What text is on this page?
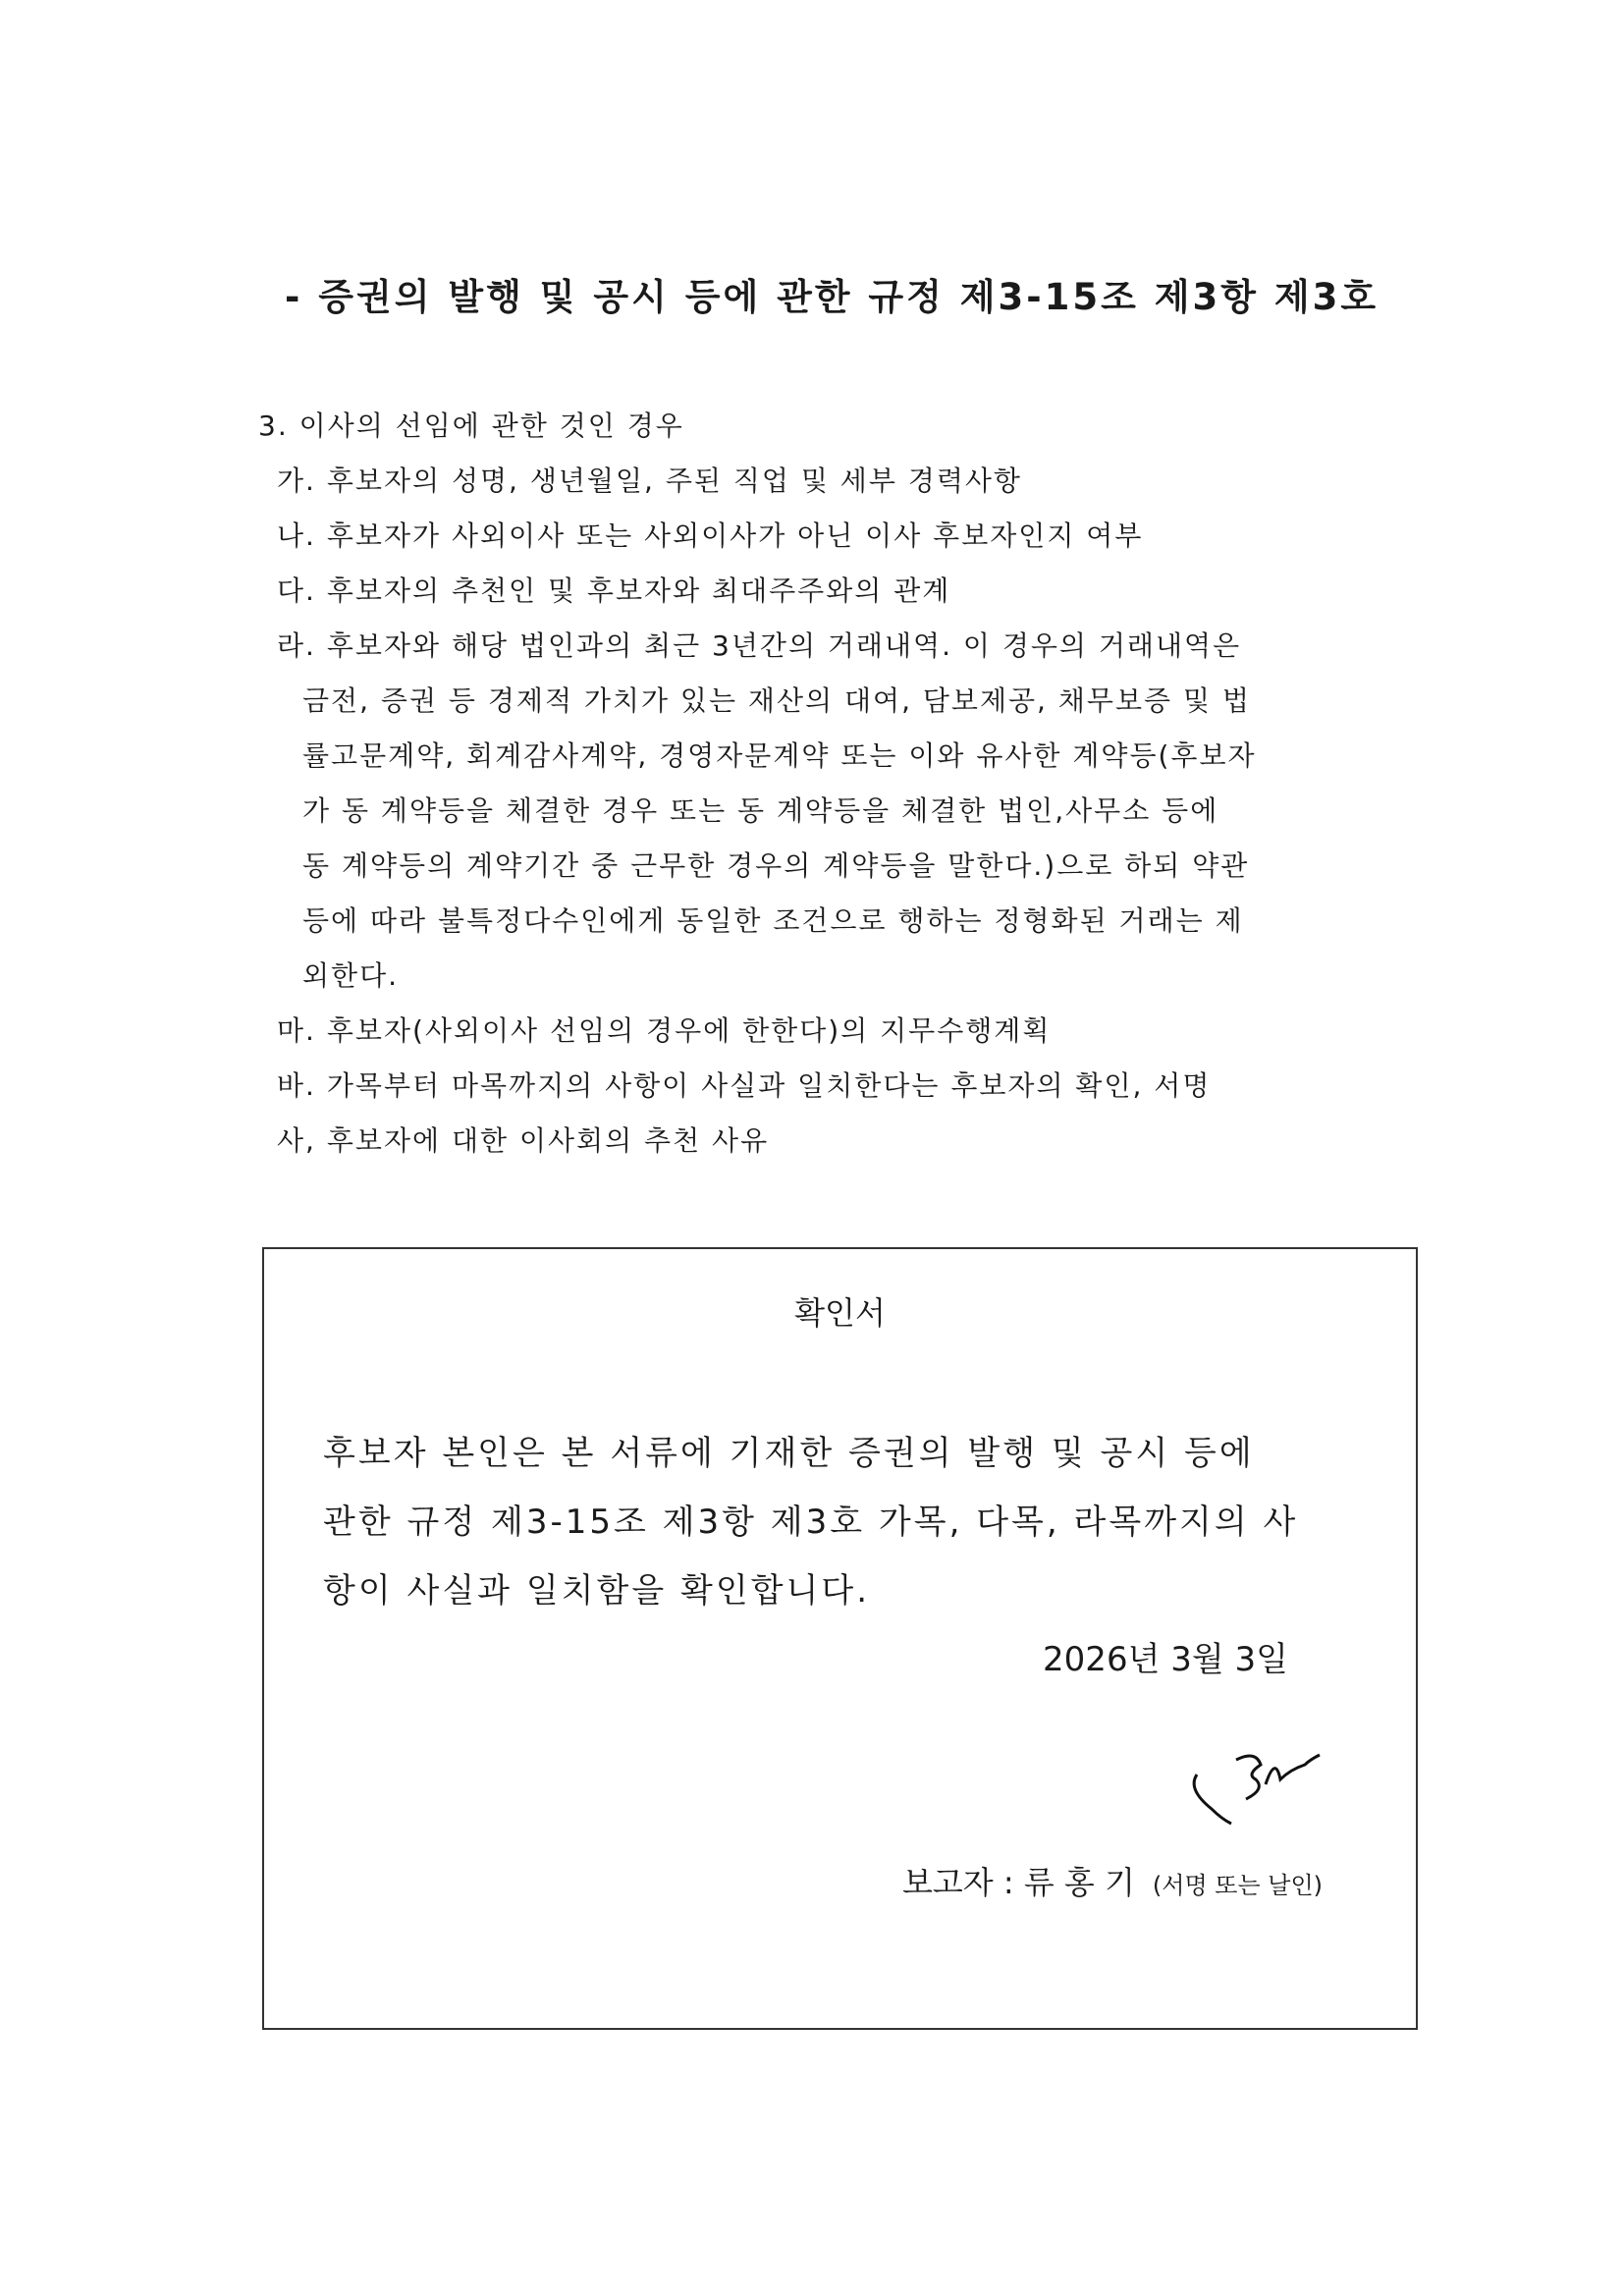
- 증권의 발행 및 공시 등에 관한 규정 제3-15조 제3항 제3호
3. 이사의 선임에 관한 것인 경우
가. 후보자의 성명, 생년월일, 주된 직업 및 세부 경력사항
나. 후보자가 사외이사 또는 사외이사가 아닌 이사 후보자인지 여부
다. 후보자의 추천인 및 후보자와 최대주주와의 관계
라. 후보자와 해당 법인과의 최근 3년간의 거래내역. 이 경우의 거래내역은
금전, 증권 등 경제적 가치가 있는 재산의 대여, 담보제공, 채무보증 및 법
률고문계약, 회계감사계약, 경영자문계약 또는 이와 유사한 계약등(후보자
가 동 계약등을 체결한 경우 또는 동 계약등을 체결한 법인,사무소 등에
동 계약등의 계약기간 중 근무한 경우의 계약등을 말한다.)으로 하되 약관
등에 따라 불특정다수인에게 동일한 조건으로 행하는 정형화된 거래는 제
외한다.
마. 후보자(사외이사 선임의 경우에 한한다)의 지무수행계획
바. 가목부터 마목까지의 사항이 사실과 일치한다는 후보자의 확인, 서명
사, 후보자에 대한 이사회의 추천 사유
확인서
후보자 본인은 본 서류에 기재한 증권의 발행 및 공시 등에
관한 규정 제3-15조 제3항 제3호 가목, 다목, 라목까지의 사
항이 사실과 일치함을 확인합니다.
2026년 3월 3일
보고자 : 류 홍 기 (서명 또는 날인)
